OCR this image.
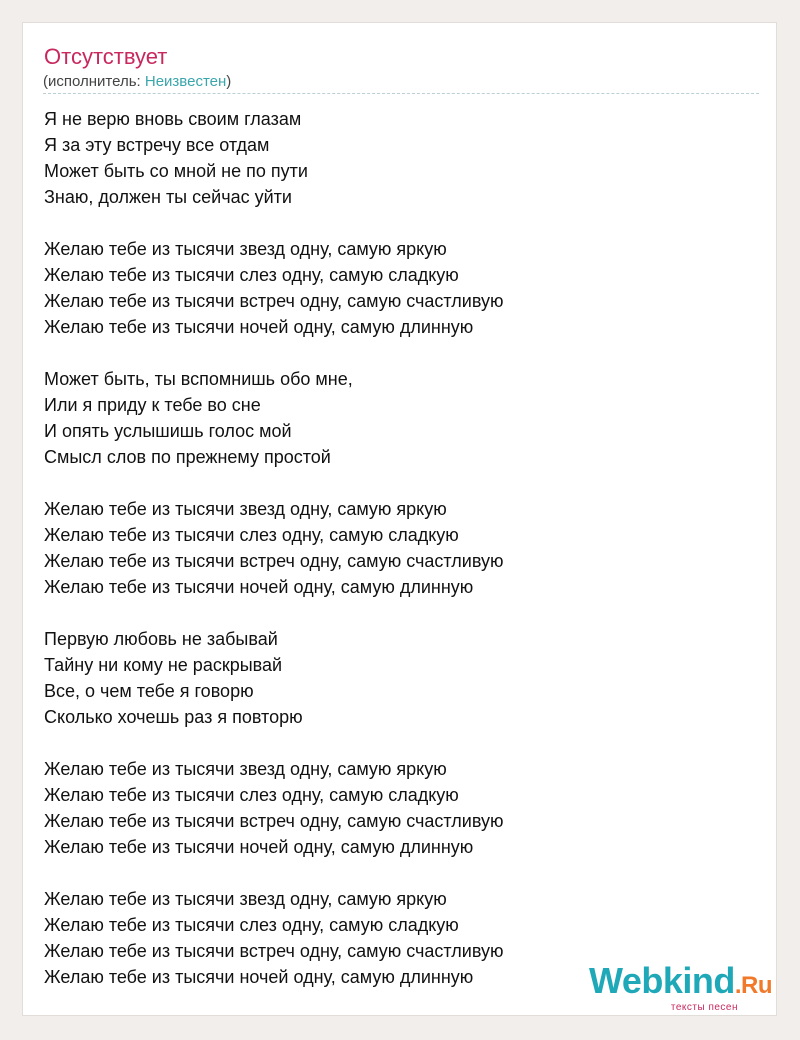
Отсутствует
(исполнитель: Неизвестен)
Я не верю вновь своим глазам
Я за эту встречу все отдам
Может быть со мной не по пути
Знаю, должен ты сейчас уйти
Желаю тебе из тысячи звезд одну, самую яркую
Желаю тебе из тысячи слез одну, самую сладкую
Желаю тебе из тысячи встреч одну, самую счастливую
Желаю тебе из тысячи ночей одну, самую длинную
Может быть, ты вспомнишь обо мне,
Или я приду к тебе во сне
И опять услышишь голос мой
Смысл слов по прежнему простой
Желаю тебе из тысячи звезд одну, самую яркую
Желаю тебе из тысячи слез одну, самую сладкую
Желаю тебе из тысячи встреч одну, самую счастливую
Желаю тебе из тысячи ночей одну, самую длинную
Первую любовь не забывай
Тайну ни кому не раскрывай
Все, о чем тебе я говорю
Сколько хочешь раз я повторю
Желаю тебе из тысячи звезд одну, самую яркую
Желаю тебе из тысячи слез одну, самую сладкую
Желаю тебе из тысячи встреч одну, самую счастливую
Желаю тебе из тысячи ночей одну, самую длинную
Желаю тебе из тысячи звезд одну, самую яркую
Желаю тебе из тысячи слез одну, самую сладкую
Желаю тебе из тысячи встреч одну, самую счастливую
Желаю тебе из тысячи ночей одну, самую длинную	Webkind.Ru
тексты песен
